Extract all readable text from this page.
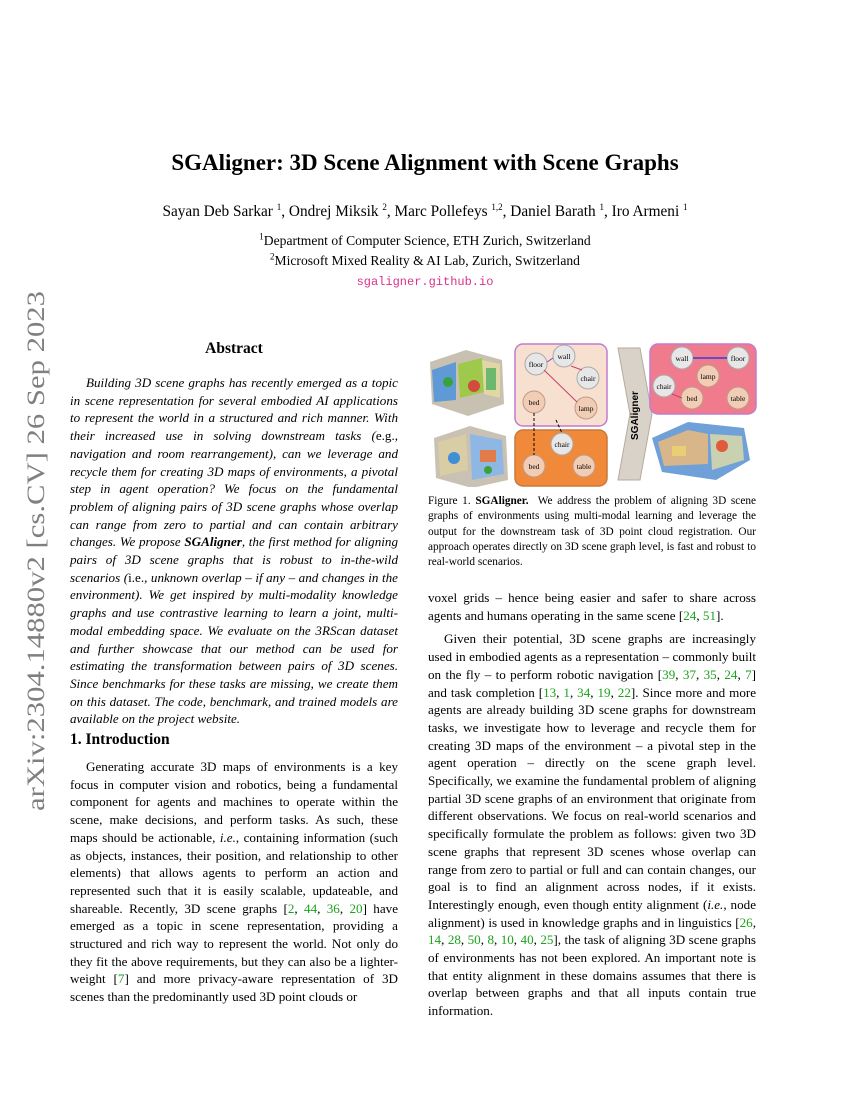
arXiv:2304.14880v2 [cs.CV] 26 Sep 2023
SGAligner: 3D Scene Alignment with Scene Graphs
Sayan Deb Sarkar $^1$, Ondrej Miksik $^2$, Marc Pollefeys $^{1,2}$, Daniel Barath $^1$, Iro Armeni $^1$
$^1$Department of Computer Science, ETH Zurich, Switzerland
$^2$Microsoft Mixed Reality & AI Lab, Zurich, Switzerland
sgaligner.github.io
Abstract
Building 3D scene graphs has recently emerged as a topic in scene representation for several embodied AI applications to represent the world in a structured and rich manner. With their increased use in solving downstream tasks (e.g., navigation and room rearrangement), can we leverage and recycle them for creating 3D maps of environments, a pivotal step in agent operation? We focus on the fundamental problem of aligning pairs of 3D scene graphs whose overlap can range from zero to partial and can contain arbitrary changes. We propose SGAligner, the first method for aligning pairs of 3D scene graphs that is robust to in-the-wild scenarios (i.e., unknown overlap – if any – and changes in the environment). We get inspired by multi-modality knowledge graphs and use contrastive learning to learn a joint, multi-modal embedding space. We evaluate on the 3RScan dataset and further showcase that our method can be used for estimating the transformation between pairs of 3D scenes. Since benchmarks for these tasks are missing, we create them on this dataset. The code, benchmark, and trained models are available on the project website.
1. Introduction
Generating accurate 3D maps of environments is a key focus in computer vision and robotics, being a fundamental component for agents and machines to operate within the scene, make decisions, and perform tasks. As such, these maps should be actionable, i.e., containing information (such as objects, instances, their position, and relationship to other elements) that allows agents to perform an action and represented such that it is easily scalable, updateable, and shareable. Recently, 3D scene graphs [2, 44, 36, 20] have emerged as a topic in scene representation, providing a structured and rich way to represent the world. Not only do they fit the above requirements, but they can also be a lighter-weight [7] and more privacy-aware representation of 3D scenes than the predominantly used 3D point clouds or
floor
wall
chair
bed
lamp
chair
bed	table
SGAligner
wall	floor
lamp
chair
bed	table
Figure 1. SGAligner. We address the problem of aligning 3D scene graphs of environments using multi-modal learning and leverage the output for the downstream task of 3D point cloud registration. Our approach operates directly on 3D scene graph level, is fast and robust to real-world scenarios.

voxel grids – hence being easier and safer to share across agents and humans operating in the same scene [24, 51].

Given their potential, 3D scene graphs are increasingly used in embodied agents as a representation – commonly built on the fly – to perform robotic navigation [39, 37, 35, 24, 7] and task completion [13, 1, 34, 19, 22]. Since more and more agents are already building 3D scene graphs for downstream tasks, we investigate how to leverage and recycle them for creating 3D maps of the environment – a pivotal step in the agent operation – directly on the scene graph level. Specifically, we examine the fundamental problem of aligning partial 3D scene graphs of an environment that originate from different observations. We focus on real-world scenarios and specifically formulate the problem as follows: given two 3D scene graphs that represent 3D scenes whose overlap can range from zero to partial or full and can contain changes, our goal is to find an alignment across nodes, if it exists. Interestingly enough, even though entity alignment (i.e., node alignment) is used in knowledge graphs and in linguistics [26, 14, 28, 50, 8, 10, 40, 25], the task of aligning 3D scene graphs of environments has not been explored. An important note is that entity alignment in these domains assumes that there is overlap between graphs and that all inputs contain true information.
